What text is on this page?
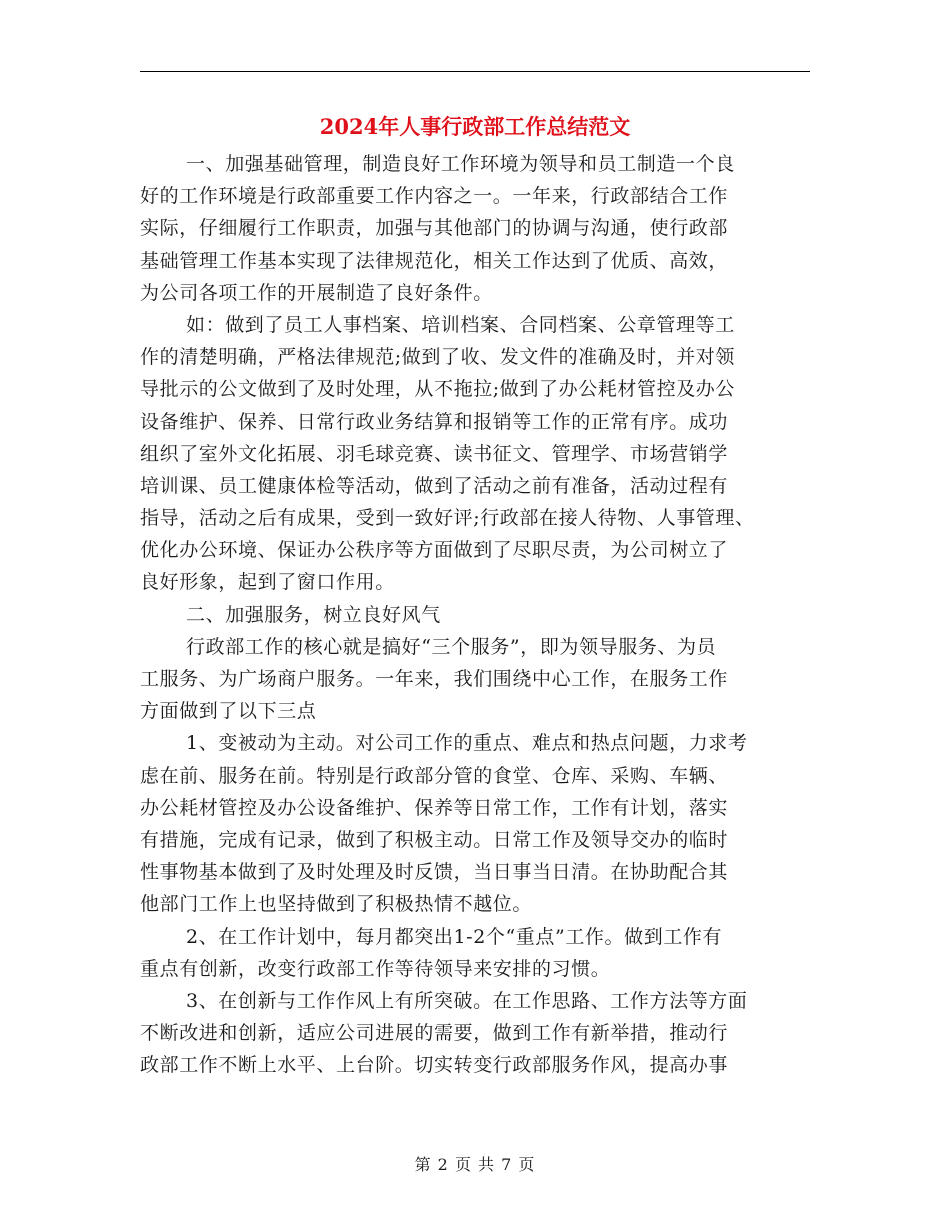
2024年人事行政部工作总结范文
一、加强基础管理，制造良好工作环境为领导和员工制造一个良
好的工作环境是行政部重要工作内容之一。一年来，行政部结合工作
实际，仔细履行工作职责，加强与其他部门的协调与沟通，使行政部
基础管理工作基本实现了法律规范化，相关工作达到了优质、高效，
为公司各项工作的开展制造了良好条件。
如：做到了员工人事档案、培训档案、合同档案、公章管理等工
作的清楚明确，严格法律规范;做到了收、发文件的准确及时，并对领
导批示的公文做到了及时处理，从不拖拉;做到了办公耗材管控及办公
设备维护、保养、日常行政业务结算和报销等工作的正常有序。成功
组织了室外文化拓展、羽毛球竞赛、读书征文、管理学、市场营销学
培训课、员工健康体检等活动，做到了活动之前有准备，活动过程有
指导，活动之后有成果，受到一致好评;行政部在接人待物、人事管理、
优化办公环境、保证办公秩序等方面做到了尽职尽责，为公司树立了
良好形象，起到了窗口作用。
二、加强服务，树立良好风气
行政部工作的核心就是搞好“三个服务”，即为领导服务、为员
工服务、为广场商户服务。一年来，我们围绕中心工作，在服务工作
方面做到了以下三点
1、变被动为主动。对公司工作的重点、难点和热点问题，力求考
虑在前、服务在前。特别是行政部分管的食堂、仓库、采购、车辆、
办公耗材管控及办公设备维护、保养等日常工作，工作有计划，落实
有措施，完成有记录，做到了积极主动。日常工作及领导交办的临时
性事物基本做到了及时处理及时反馈，当日事当日清。在协助配合其
他部门工作上也坚持做到了积极热情不越位。
2、在工作计划中，每月都突出1-2个“重点”工作。做到工作有
重点有创新，改变行政部工作等待领导来安排的习惯。
3、在创新与工作作风上有所突破。在工作思路、工作方法等方面
不断改进和创新，适应公司进展的需要，做到工作有新举措，推动行
政部工作不断上水平、上台阶。切实转变行政部服务作风，提高办事
第 2 页 共 7 页
